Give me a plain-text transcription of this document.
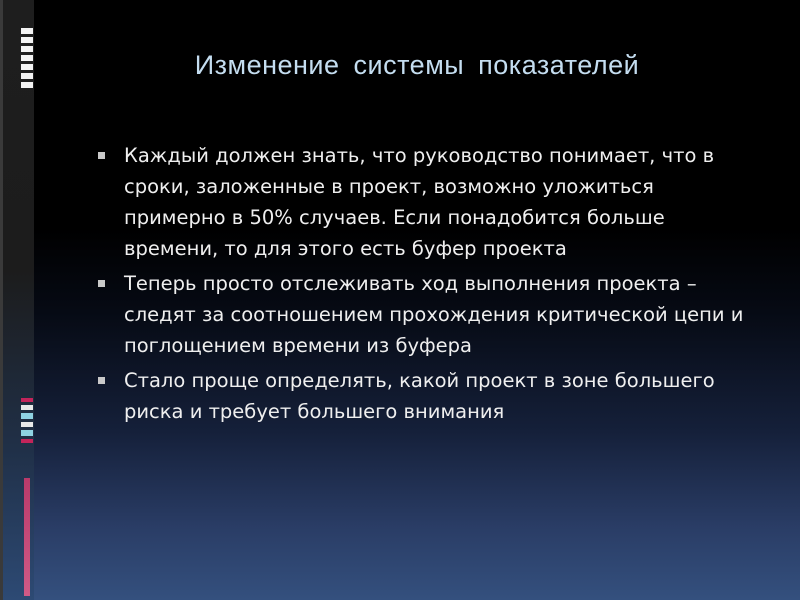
Изменение системы показателей
Каждый должен знать, что руководство понимает, что в сроки, заложенные в проект, возможно уложиться примерно в 50% случаев. Если понадобится больше времени, то для этого есть буфер проекта
Теперь просто отслеживать ход выполнения проекта – следят за соотношением прохождения критической цепи и поглощением времени из буфера
Стало проще определять, какой проект в зоне большего риска и требует большего внимания
